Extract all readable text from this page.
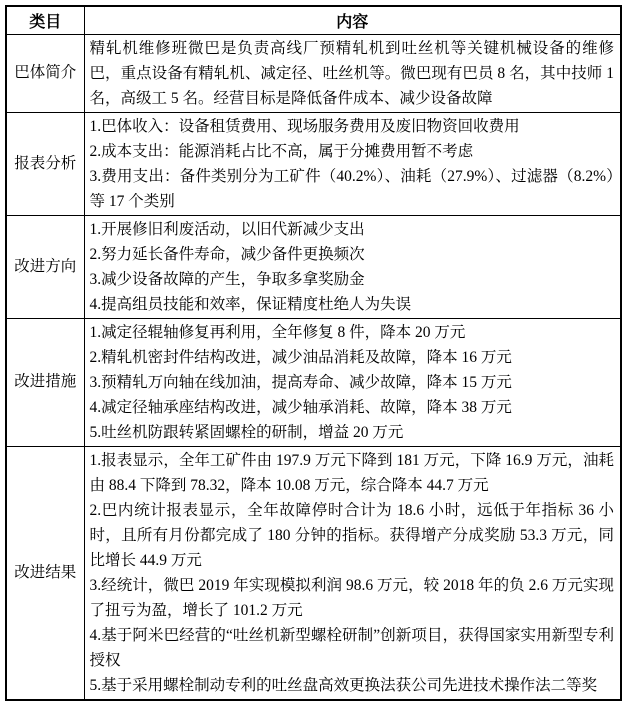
类目	内容
巴体简介	精轧机维修班微巴是负责高线厂预精轧机到吐丝机等关键机械设备的维修巴，重点设备有精轧机、减定径、吐丝机等。微巴现有巴员 8 名，其中技师 1 名，高级工 5 名。经营目标是降低备件成本、减少设备故障

报表分析	1.巴体收入：设备租赁费用、现场服务费用及废旧物资回收费用
2.成本支出：能源消耗占比不高，属于分摊费用暂不考虑
3.费用支出：备件类别分为工矿件（40.2%）、油耗（27.9%）、过滤器（8.2%）等 17 个类别

改进方向	1.开展修旧利废活动，以旧代新减少支出
2.努力延长备件寿命，减少备件更换频次
3.减少设备故障的产生，争取多拿奖励金
4.提高组员技能和效率，保证精度杜绝人为失误

改进措施	1.减定径辊轴修复再利用，全年修复 8 件，降本 20 万元
2.精轧机密封件结构改进，减少油品消耗及故障，降本 16 万元
3.预精轧万向轴在线加油，提高寿命、减少故障，降本 15 万元
4.减定径轴承座结构改进，减少轴承消耗、故障，降本 38 万元
5.吐丝机防跟转紧固螺栓的研制，增益 20 万元

改进结果	1.报表显示，全年工矿件由 197.9 万元下降到 181 万元，下降 16.9 万元，油耗由 88.4 下降到 78.32，降本 10.08 万元，综合降本 44.7 万元
2.巴内统计报表显示，全年故障停时合计为 18.6 小时，远低于年指标 36 小时，且所有月份都完成了 180 分钟的指标。获得增产分成奖励 53.3 万元，同比增长 44.9 万元
3.经统计，微巴 2019 年实现模拟利润 98.6 万元，较 2018 年的负 2.6 万元实现了扭亏为盈，增长了 101.2 万元
4.基于阿米巴经营的“吐丝机新型螺栓研制”创新项目，获得国家实用新型专利授权
5.基于采用螺栓制动专利的吐丝盘高效更换法获公司先进技术操作法二等奖
